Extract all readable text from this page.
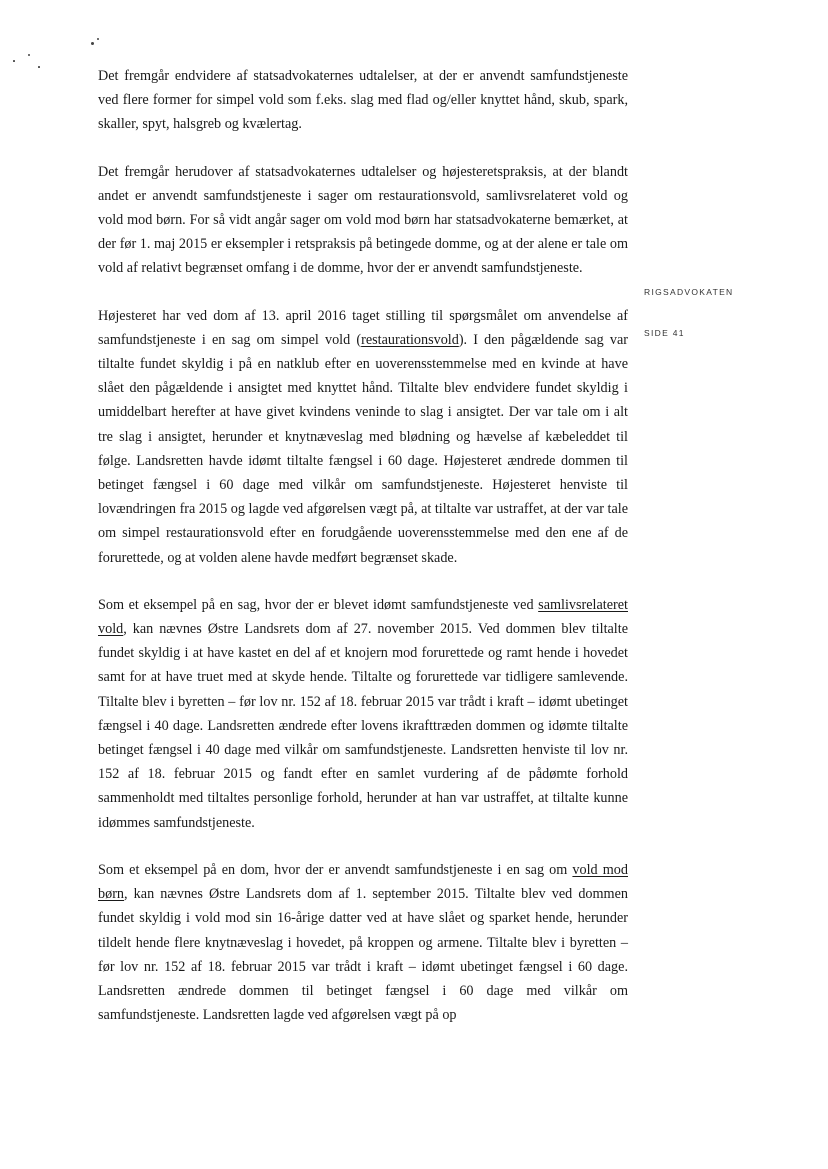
RIGSADVOKATEN
SIDE 41

Det fremgår endvidere af statsadvokaternes udtalelser, at der er anvendt samfundstjeneste ved flere former for simpel vold som f.eks. slag med flad og/eller knyttet hånd, skub, spark, skaller, spyt, halsgreb og kvælertag.

Det fremgår herudover af statsadvokaternes udtalelser og højesteretspraksis, at der blandt andet er anvendt samfundstjeneste i sager om restaurationsvold, samlivsrelateret vold og vold mod børn. For så vidt angår sager om vold mod børn har statsadvokaterne bemærket, at der før 1. maj 2015 er eksempler i retspraksis på betingede domme, og at der alene er tale om vold af relativt begrænset omfang i de domme, hvor der er anvendt samfundstjeneste.

Højesteret har ved dom af 13. april 2016 taget stilling til spørgsmålet om anvendelse af samfundstjeneste i en sag om simpel vold (restaurationsvold). I den pågældende sag var tiltalte fundet skyldig i på en natklub efter en uoverensstemmelse med en kvinde at have slået den pågældende i ansigtet med knyttet hånd. Tiltalte blev endvidere fundet skyldig i umiddelbart herefter at have givet kvindens veninde to slag i ansigtet. Der var tale om i alt tre slag i ansigtet, herunder et knytnæveslag med blødning og hævelse af kæbeleddet til følge. Landsretten havde idømt tiltalte fængsel i 60 dage. Højesteret ændrede dommen til betinget fængsel i 60 dage med vilkår om samfundstjeneste. Højesteret henviste til lovændringen fra 2015 og lagde ved afgørelsen vægt på, at tiltalte var ustraffet, at der var tale om simpel restaurationsvold efter en forudgående uoverensstemmelse med den ene af de forurettede, og at volden alene havde medført begrænset skade.

Som et eksempel på en sag, hvor der er blevet idømt samfundstjeneste ved samlivsrelateret vold, kan nævnes Østre Landsrets dom af 27. november 2015. Ved dommen blev tiltalte fundet skyldig i at have kastet en del af et knojern mod forurettede og ramt hende i hovedet samt for at have truet med at skyde hende. Tiltalte og forurettede var tidligere samlevende. Tiltalte blev i byretten – før lov nr. 152 af 18. februar 2015 var trådt i kraft – idømt ubetinget fængsel i 40 dage. Landsretten ændrede efter lovens ikrafttræden dommen og idømte tiltalte betinget fængsel i 40 dage med vilkår om samfundstjeneste. Landsretten henviste til lov nr. 152 af 18. februar 2015 og fandt efter en samlet vurdering af de pådømte forhold sammenholdt med tiltaltes personlige forhold, herunder at han var ustraffet, at tiltalte kunne idømmes samfundstjeneste.

Som et eksempel på en dom, hvor der er anvendt samfundstjeneste i en sag om vold mod børn, kan nævnes Østre Landsrets dom af 1. september 2015. Tiltalte blev ved dommen fundet skyldig i vold mod sin 16-årige datter ved at have slået og sparket hende, herunder tildelt hende flere knytnæveslag i hovedet, på kroppen og armene. Tiltalte blev i byretten – før lov nr. 152 af 18. februar 2015 var trådt i kraft – idømt ubetinget fængsel i 60 dage. Landsretten ændrede dommen til betinget fængsel i 60 dage med vilkår om samfundstjeneste. Landsretten lagde ved afgørelsen vægt på op
